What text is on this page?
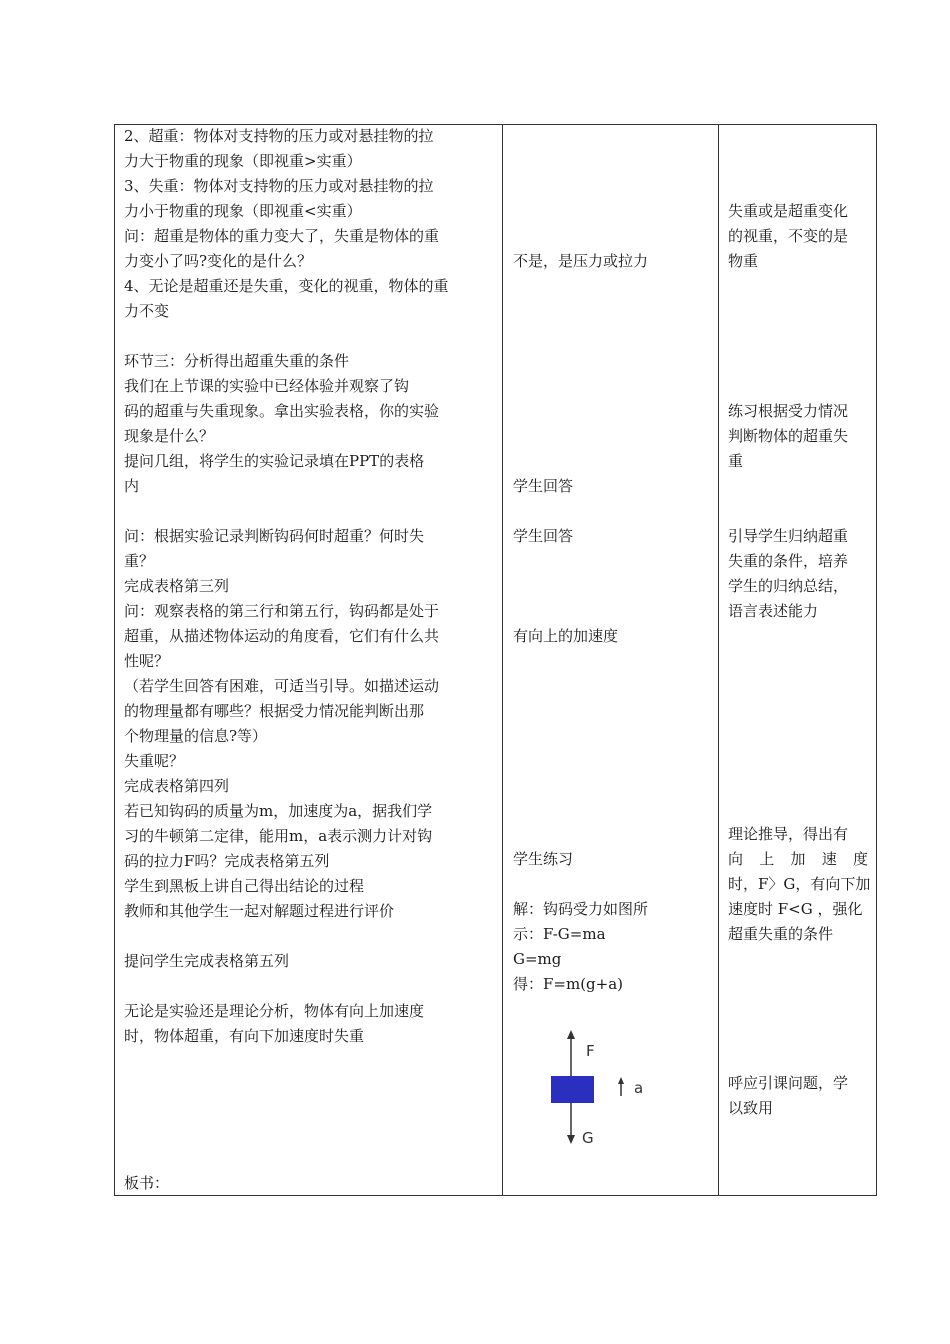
2、超重：物体对支持物的压力或对悬挂物的拉
力大于物重的现象（即视重>实重）
3、失重：物体对支持物的压力或对悬挂物的拉
力小于物重的现象（即视重<实重）
问：超重是物体的重力变大了，失重是物体的重
力变小了吗?变化的是什么？
4、无论是超重还是失重，变化的视重，物体的重
力不变
环节三：分析得出超重失重的条件
我们在上节课的实验中已经体验并观察了钩
码的超重与失重现象。拿出实验表格，你的实验
现象是什么？
提问几组，将学生的实验记录填在PPT的表格
内
问：根据实验记录判断钩码何时超重？何时失
重？
完成表格第三列
问：观察表格的第三行和第五行，钩码都是处于
超重，从描述物体运动的角度看，它们有什么共
性呢？
（若学生回答有困难，可适当引导。如描述运动
的物理量都有哪些？根据受力情况能判断出那
个物理量的信息?等）
失重呢？
完成表格第四列
若已知钩码的质量为m，加速度为a，据我们学
习的牛顿第二定律，能用m，a表示测力计对钩
码的拉力F吗？完成表格第五列
学生到黑板上讲自己得出结论的过程
教师和其他学生一起对解题过程进行评价
提问学生完成表格第五列
无论是实验还是理论分析，物体有向上加速度
时，物体超重，有向下加速度时失重
板书：
不是，是压力或拉力
学生回答
学生回答
有向上的加速度
学生练习
解：钩码受力如图所
示：F-G=ma
G=mg
得：F=m(g+a)
F
G
a
失重或是超重变化
的视重，不变的是
物重
练习根据受力情况
判断物体的超重失
重
引导学生归纳超重
失重的条件，培养
学生的归纳总结，
语言表述能力
理论推导，得出有
向 上 加 速 度
时，F〉G，有向下加
速度时 F<G ，强化
超重失重的条件
呼应引课问题，学
以致用
